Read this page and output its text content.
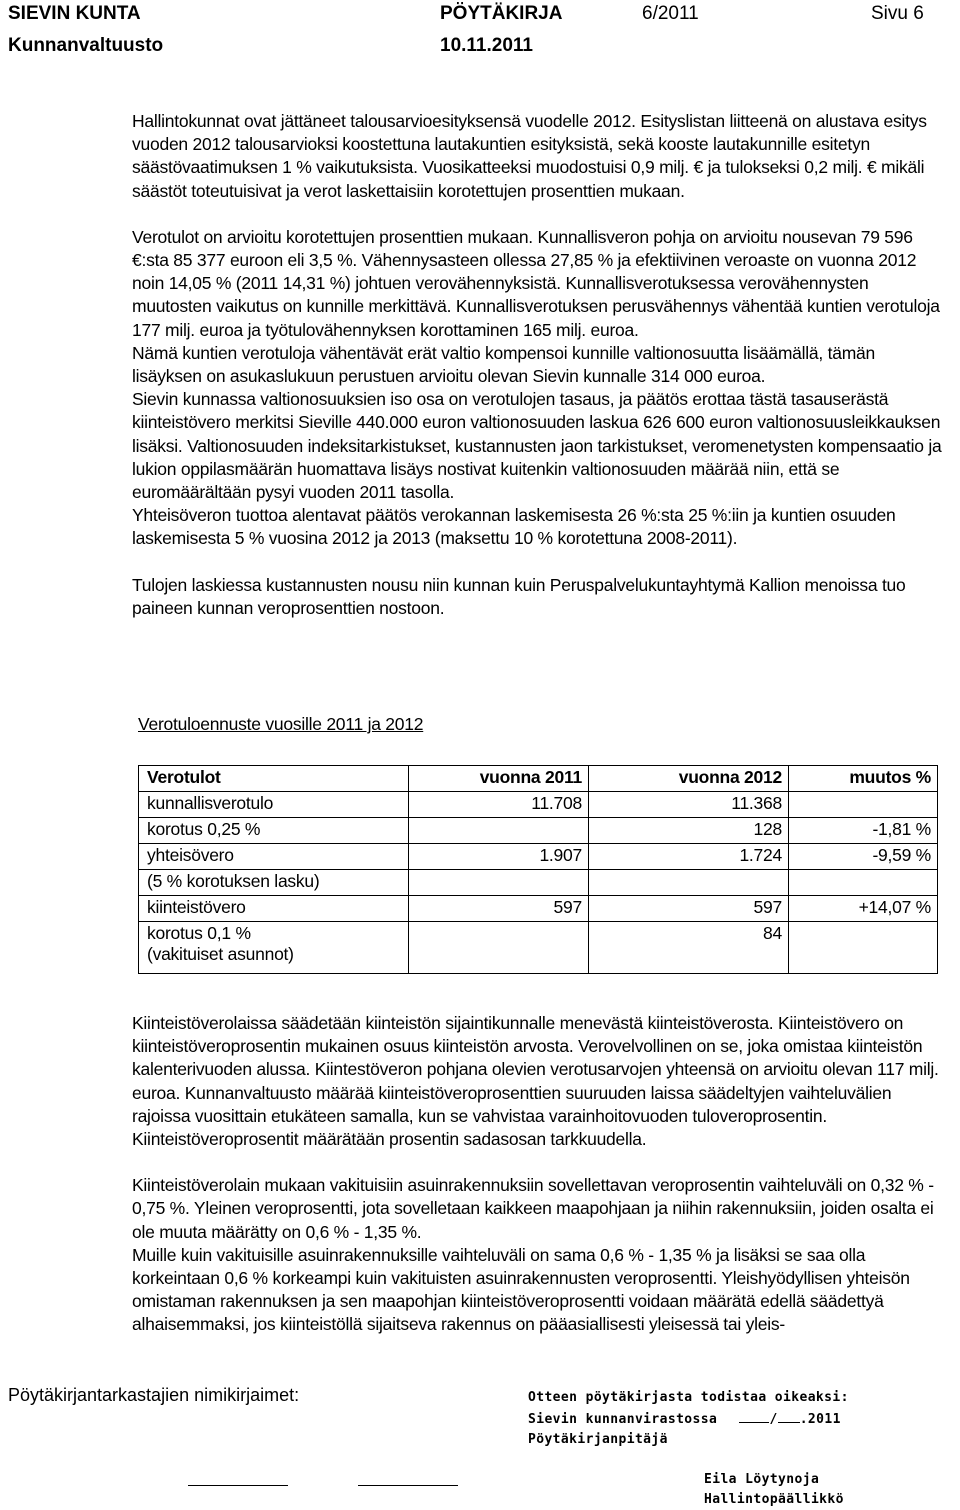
SIEVIN KUNTA	PÖYTÄKIRJA	6/2011	Sivu 6
Kunnanvaltuusto	10.11.2011

Hallintokunnat ovat jättäneet talousarvioesityksensä vuodelle 2012. Esityslistan liitteenä on alustava esitys vuoden 2012 talousarvioksi koostettuna lautakuntien esityksistä, sekä kooste lautakunnille esitetyn säästövaatimuksen 1 % vaikutuksista. Vuosikatteeksi muodostuisi 0,9 milj. € ja tulokseksi 0,2 milj. € mikäli säästöt toteutuisivat ja verot laskettaisiin korotettujen prosenttien mukaan.

Verotulot on arvioitu korotettujen prosenttien mukaan. Kunnallisveron pohja on arvioitu nousevan 79 596 €:sta 85 377 euroon eli 3,5 %. Vähennysasteen ollessa 27,85 % ja efektiivinen veroaste on vuonna 2012 noin 14,05 % (2011 14,31 %) johtuen verovähennyksistä. Kunnallisverotuksessa verovähennysten muutosten vaikutus on kunnille merkittävä. Kunnallisverotuksen perusvähennys vähentää kuntien verotuloja 177 milj. euroa ja työtulovähennyksen korottaminen 165 milj. euroa.

Nämä kuntien verotuloja vähentävät erät valtio kompensoi kunnille valtionosuutta lisäämällä, tämän lisäyksen on asukaslukuun perustuen arvioitu olevan Sievin kunnalle 314 000 euroa.

Sievin kunnassa valtionosuuksien iso osa on verotulojen tasaus, ja päätös erottaa tästä tasauserästä kiinteistövero merkitsi Sieville 440.000 euron valtionosuuden laskua 626 600 euron valtionosuusleikkauksen lisäksi. Valtionosuuden indeksitarkistukset, kustannusten jaon tarkistukset, veromenetysten kompensaatio ja lukion oppilasmäärän huomattava lisäys nostivat kuitenkin valtionosuuden määrää niin, että se euromäärältään pysyi vuoden 2011 tasolla.

Yhteisöveron tuottoa alentavat päätös verokannan laskemisesta 26 %:sta 25 %:iin ja kuntien osuuden laskemisesta 5 % vuosina 2012 ja 2013 (maksettu 10 % korotettuna 2008-2011).

Tulojen laskiessa kustannusten nousu niin kunnan kuin Peruspalvelukuntayhtymä Kallion menoissa tuo paineen kunnan veroprosenttien nostoon.

Verotuloennuste vuosille 2011 ja 2012
Verotulot	vuonna 2011	vuonna 2012	muutos %
kunnallisverotulo	11.708	11.368	
korotus 0,25 %		128	-1,81 %
yhteisövero	1.907	1.724	-9,59 %
(5 % korotuksen lasku)			
kiinteistövero	597	597	+14,07 %

korotus 0,1 %
(vakituiset asunnot)		84	

Kiinteistöverolaissa säädetään kiinteistön sijaintikunnalle menevästä kiinteistöverosta. Kiinteistövero on kiinteistöveroprosentin mukainen osuus kiinteistön arvosta. Verovelvollinen on se, joka omistaa kiinteistön kalenterivuoden alussa. Kiintestöveron pohjana olevien verotusarvojen yhteensä on arvioitu olevan 117 milj. euroa. Kunnanvaltuusto määrää kiinteistöveroprosenttien suuruuden laissa säädeltyjen vaihteluvälien rajoissa vuosittain etukäteen samalla, kun se vahvistaa varainhoitovuoden tuloveroprosentin. Kiinteistöveroprosentit määrätään prosentin sadasosan tarkkuudella.

Kiinteistöverolain mukaan vakituisiin asuinrakennuksiin sovellettavan veroprosentin vaihteluväli on 0,32 % - 0,75 %. Yleinen veroprosentti, jota sovelletaan kaikkeen maapohjaan ja niihin rakennuksiin, joiden osalta ei ole muuta määrätty on 0,6 % - 1,35 %.

Muille kuin vakituisille asuinrakennuksille vaihteluväli on sama 0,6 % - 1,35 % ja lisäksi se saa olla korkeintaan 0,6 % korkeampi kuin vakituisten asuinrakennusten veroprosentti. Yleishyödyllisen yhteisön omistaman rakennuksen ja sen maapohjan kiinteistöveroprosentti voidaan määrätä edellä säädettyä alhaisemmaksi, jos kiinteistöllä sijaitseva rakennus on pääasiallisesti yleisessä tai yleis-

Pöytäkirjantarkastajien nimikirjaimet:	Otteen pöytäkirjasta todistaa oikeaksi:
Sievin kunnanvirastossa	/ .2011
Pöytäkirjanpitäjä
Eila Löytynoja
Hallintopäällikkö
